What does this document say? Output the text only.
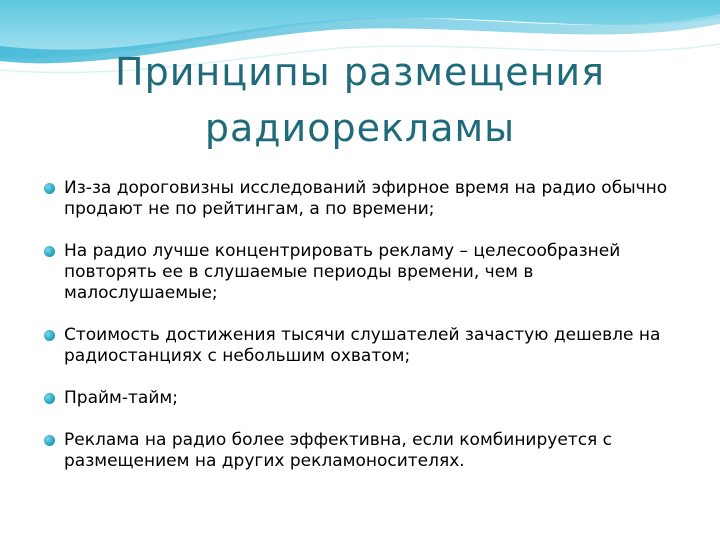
Принципы размещения радиорекламы
Из-за дороговизны исследований эфирное время на радио обычно продают не по рейтингам, а по времени;
На радио лучше концентрировать рекламу – целесообразней повторять ее в слушаемые периоды времени, чем в малослушаемые;
Стоимость достижения тысячи слушателей зачастую дешевле на радиостанциях с небольшим охватом;
Прайм-тайм;
Реклама на радио более эффективна, если комбинируется с размещением на других рекламоносителях.
